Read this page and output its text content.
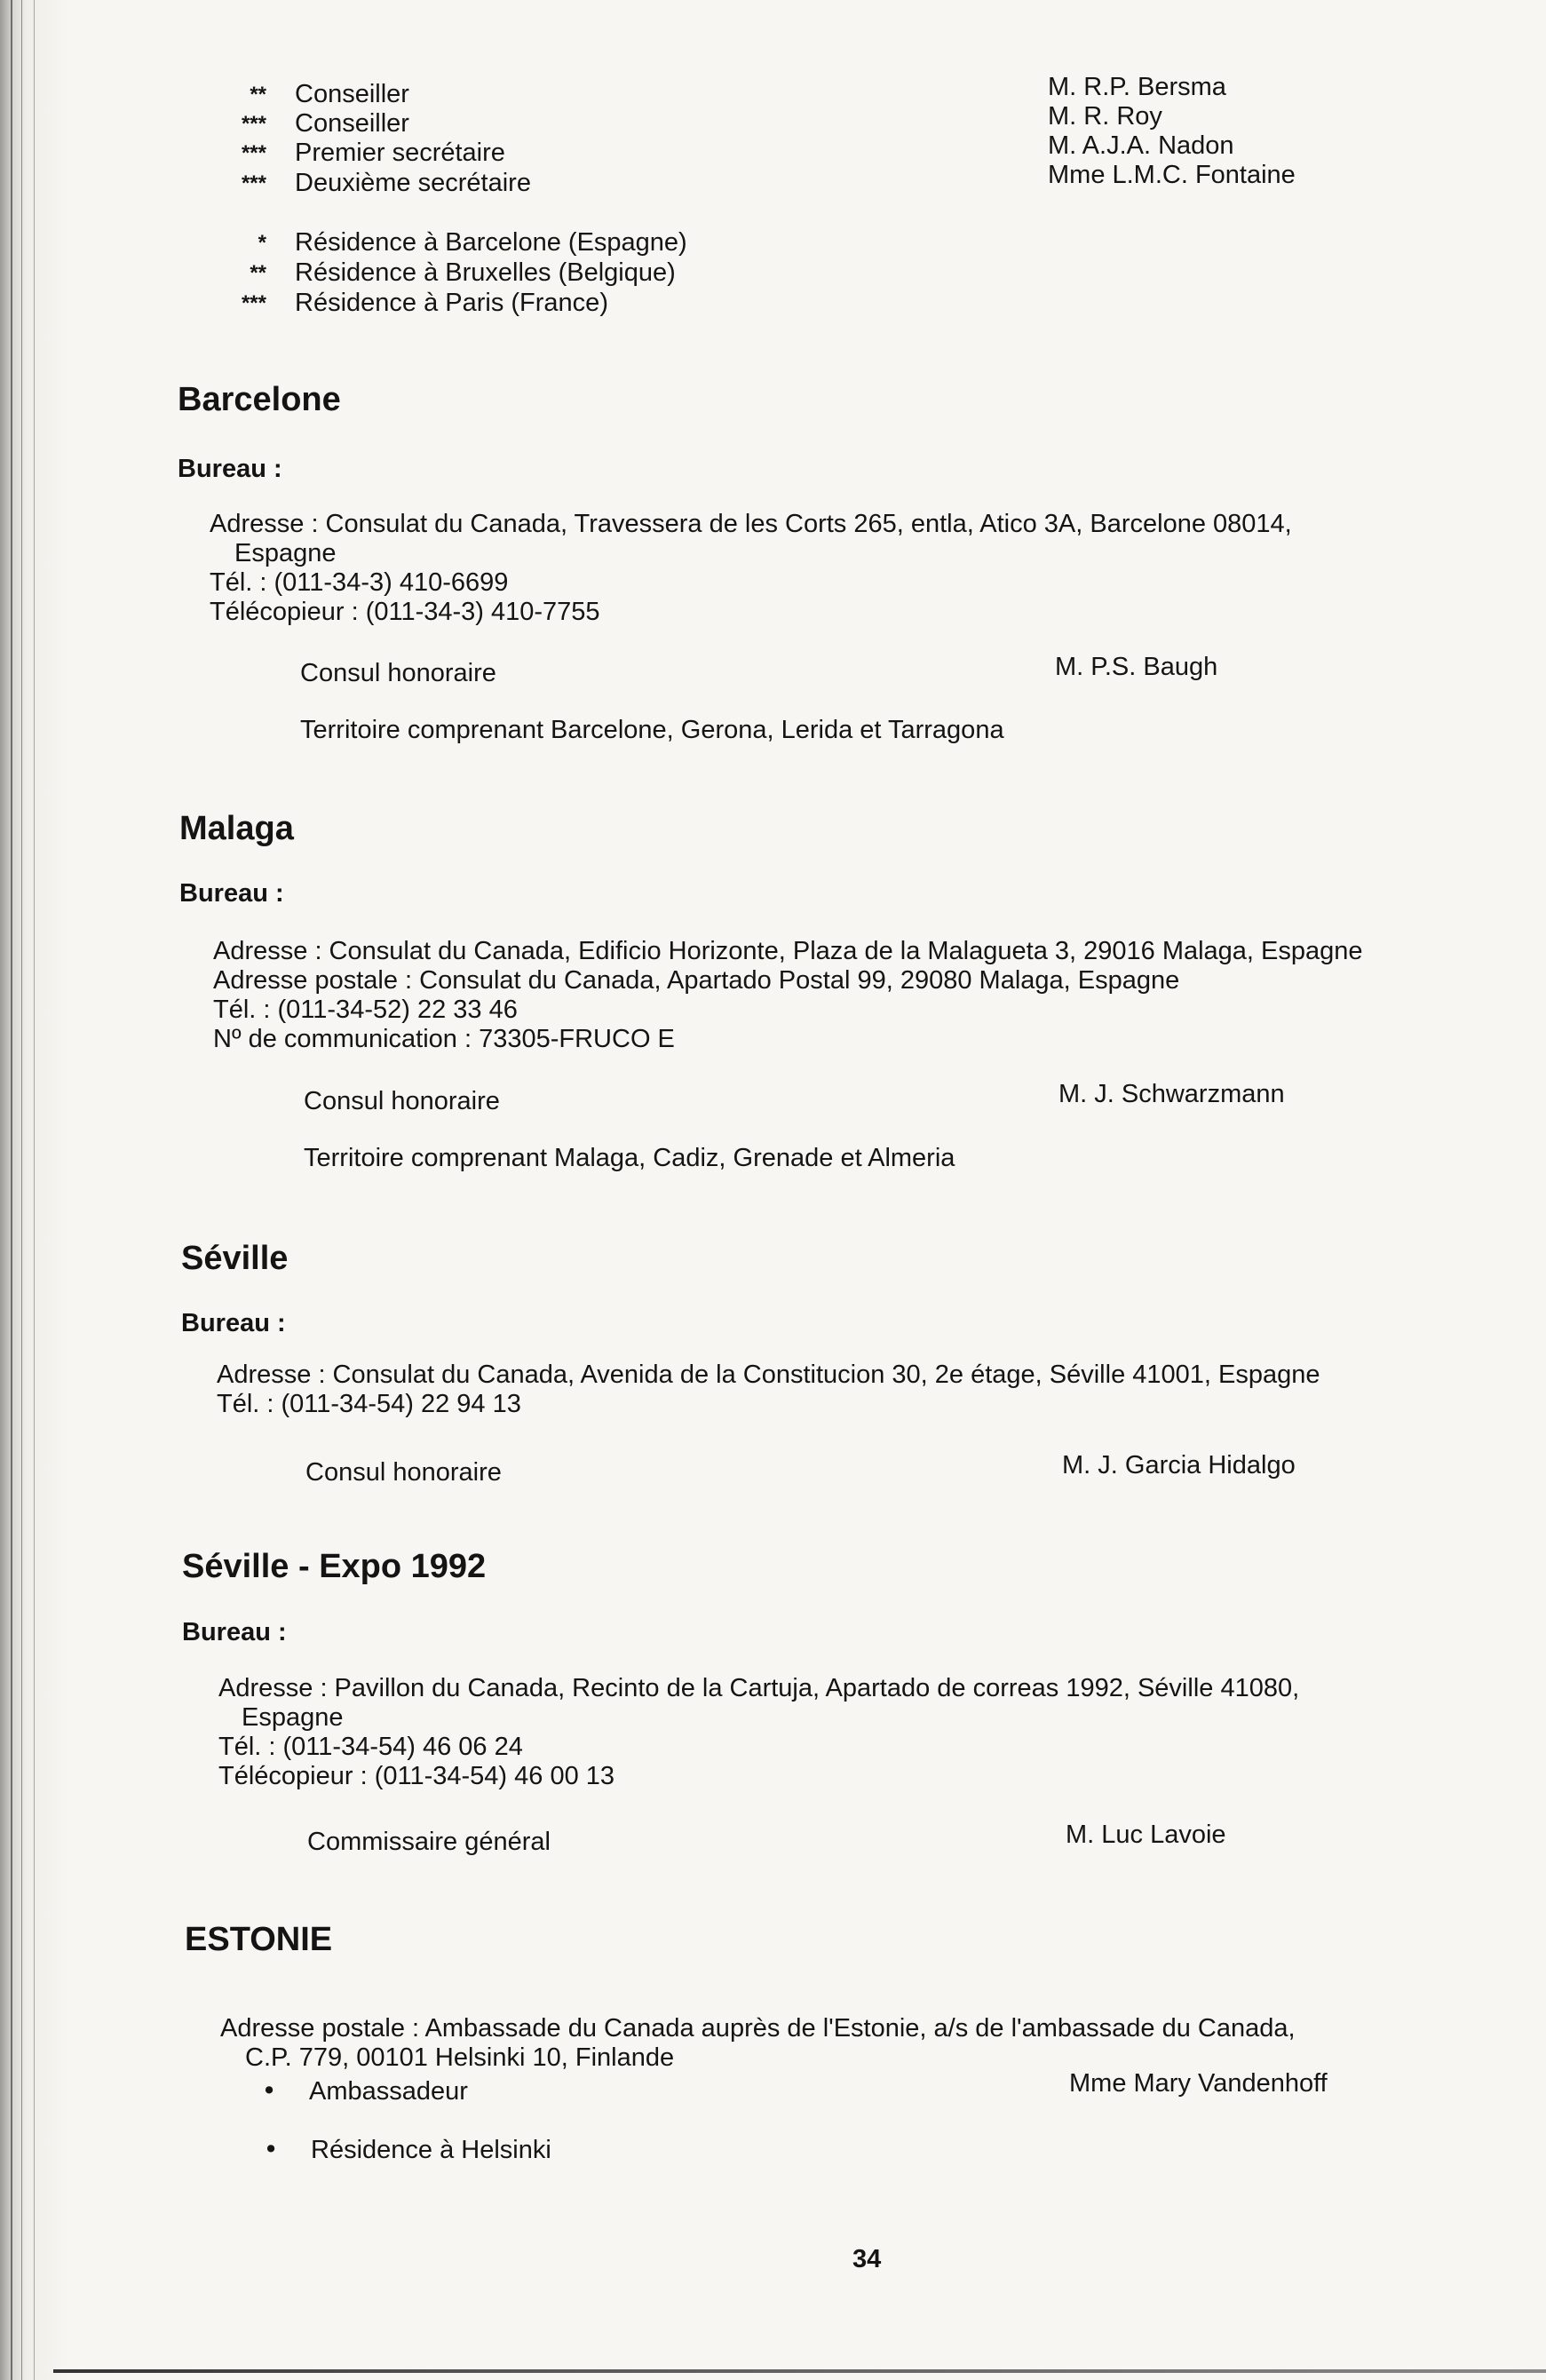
** Conseiller	M. R.P. Bersma
*** Conseiller	M. R. Roy
*** Premier secrétaire	M. A.J.A. Nadon
*** Deuxième secrétaire	Mme L.M.C. Fontaine
* Résidence à Barcelone (Espagne)
** Résidence à Bruxelles (Belgique)
*** Résidence à Paris (France)
Barcelone
Bureau :
Adresse : Consulat du Canada, Travessera de les Corts 265, entla, Atico 3A, Barcelone 08014,
Espagne
Tél. : (011-34-3) 410-6699
Télécopieur : (011-34-3) 410-7755
Consul honoraire	M. P.S. Baugh
Territoire comprenant Barcelone, Gerona, Lerida et Tarragona
Malaga
Bureau :
Adresse : Consulat du Canada, Edificio Horizonte, Plaza de la Malagueta 3, 29016 Malaga, Espagne
Adresse postale : Consulat du Canada, Apartado Postal 99, 29080 Malaga, Espagne
Tél. : (011-34-52) 22 33 46
Nº de communication : 73305-FRUCO E
Consul honoraire	M. J. Schwarzmann
Territoire comprenant Malaga, Cadiz, Grenade et Almeria
Séville
Bureau :
Adresse : Consulat du Canada, Avenida de la Constitucion 30, 2e étage, Séville 41001, Espagne
Tél. : (011-34-54) 22 94 13
Consul honoraire	M. J. Garcia Hidalgo
Séville - Expo 1992
Bureau :
Adresse : Pavillon du Canada, Recinto de la Cartuja, Apartado de correas 1992, Séville 41080,
Espagne
Tél. : (011-34-54) 46 06 24
Télécopieur : (011-34-54) 46 00 13
Commissaire général	M. Luc Lavoie
ESTONIE
Adresse postale : Ambassade du Canada auprès de l'Estonie, a/s de l'ambassade du Canada,
C.P. 779, 00101 Helsinki 10, Finlande
• Ambassadeur	Mme Mary Vandenhoff
• Résidence à Helsinki
34
